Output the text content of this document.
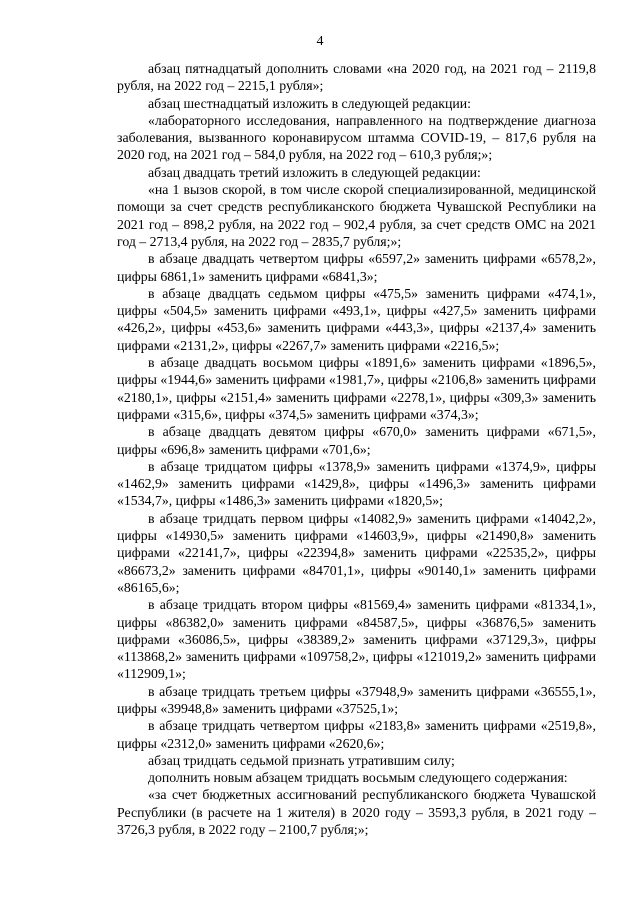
4

абзац пятнадцатый дополнить словами «на 2020 год, на 2021 год – 2119,8 рубля, на 2022 год – 2215,1 рубля»;

абзац шестнадцатый изложить в следующей редакции:

«лабораторного исследования, направленного на подтверждение диагноза заболевания, вызванного коронавирусом штамма COVID-19, – 817,6 рубля на 2020 год, на 2021 год – 584,0 рубля, на 2022 год – 610,3 рубля;»;

абзац двадцать третий изложить в следующей редакции:

«на 1 вызов скорой, в том числе скорой специализированной, медицинской помощи за счет средств республиканского бюджета Чувашской Республики на 2021 год – 898,2 рубля, на 2022 год – 902,4 рубля, за счет средств ОМС на 2021 год – 2713,4 рубля, на 2022 год – 2835,7 рубля;»;

в абзаце двадцать четвертом цифры «6597,2» заменить цифрами «6578,2», цифры 6861,1» заменить цифрами «6841,3»;

в абзаце двадцать седьмом цифры «475,5» заменить цифрами «474,1», цифры «504,5» заменить цифрами «493,1», цифры «427,5» заменить цифрами «426,2», цифры «453,6» заменить цифрами «443,3», цифры «2137,4» заменить цифрами «2131,2», цифры «2267,7» заменить цифрами «2216,5»;

в абзаце двадцать восьмом цифры «1891,6» заменить цифрами «1896,5», цифры «1944,6» заменить цифрами «1981,7», цифры «2106,8» заменить цифрами «2180,1», цифры «2151,4» заменить цифрами «2278,1», цифры «309,3» заменить цифрами «315,6», цифры «374,5» заменить цифрами «374,3»;

в абзаце двадцать девятом цифры «670,0» заменить цифрами «671,5», цифры «696,8» заменить цифрами «701,6»;

в абзаце тридцатом цифры «1378,9» заменить цифрами «1374,9», цифры «1462,9» заменить цифрами «1429,8», цифры «1496,3» заменить цифрами «1534,7», цифры «1486,3» заменить цифрами «1820,5»;

в абзаце тридцать первом цифры «14082,9» заменить цифрами «14042,2», цифры «14930,5» заменить цифрами «14603,9», цифры «21490,8» заменить цифрами «22141,7», цифры «22394,8» заменить цифрами «22535,2», цифры «86673,2» заменить цифрами «84701,1», цифры «90140,1» заменить цифрами «86165,6»;

в абзаце тридцать втором цифры «81569,4» заменить цифрами «81334,1», цифры «86382,0» заменить цифрами «84587,5», цифры «36876,5» заменить цифрами «36086,5», цифры «38389,2» заменить цифрами «37129,3», цифры «113868,2» заменить цифрами «109758,2», цифры «121019,2» заменить цифрами «112909,1»;

в абзаце тридцать третьем цифры «37948,9» заменить цифрами «36555,1», цифры «39948,8» заменить цифрами «37525,1»;

в абзаце тридцать четвертом цифры «2183,8» заменить цифрами «2519,8», цифры «2312,0» заменить цифрами «2620,6»;

абзац тридцать седьмой признать утратившим силу;

дополнить новым абзацем тридцать восьмым следующего содержания:

«за счет бюджетных ассигнований республиканского бюджета Чувашской Республики (в расчете на 1 жителя) в 2020 году – 3593,3 рубля, в 2021 году – 3726,3 рубля, в 2022 году – 2100,7 рубля;»;
